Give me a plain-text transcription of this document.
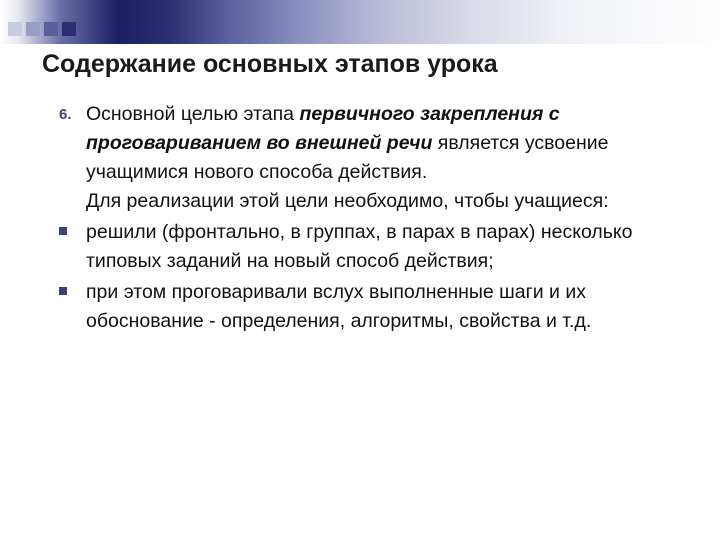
Содержание основных этапов урока
6. Основной целью этапа первичного закрепления с проговариванием во внешней речи является усвоение учащимися нового способа действия.
Для реализации этой цели необходимо, чтобы учащиеся:
решили (фронтально, в группах, в парах в парах) несколько типовых заданий на новый способ действия;
при этом проговаривали вслух выполненные шаги и их обоснование - определения, алгоритмы, свойства и т.д.
